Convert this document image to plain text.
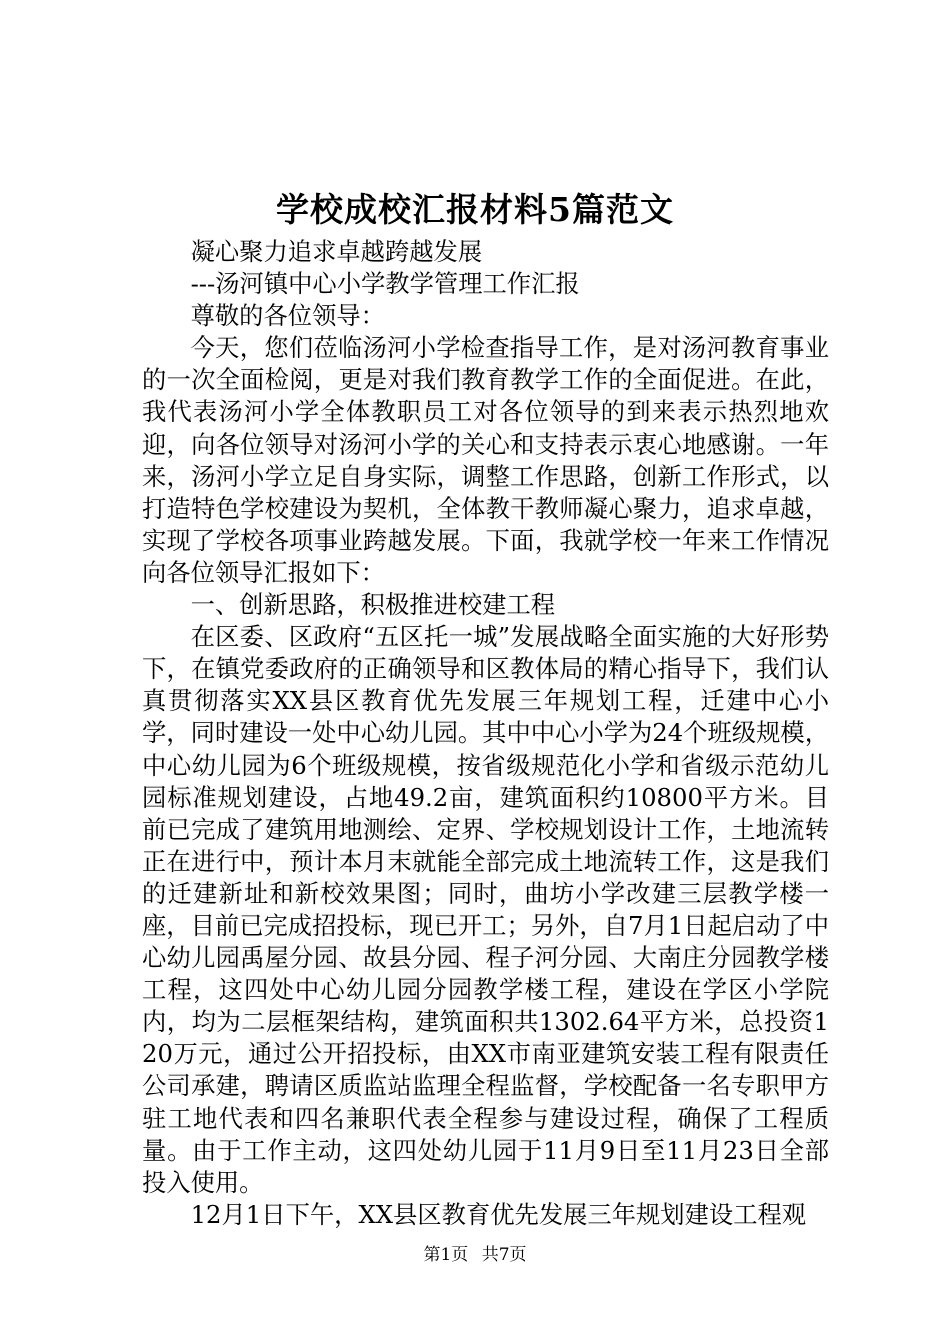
学校成校汇报材料5篇范文

凝心聚力追求卓越跨越发展

---汤河镇中心小学教学管理工作汇报

尊敬的各位领导：

今天，您们莅临汤河小学检查指导工作，是对汤河教育事业的一次全面检阅，更是对我们教育教学工作的全面促进。在此，我代表汤河小学全体教职员工对各位领导的到来表示热烈地欢迎，向各位领导对汤河小学的关心和支持表示衷心地感谢。一年来，汤河小学立足自身实际，调整工作思路，创新工作形式，以打造特色学校建设为契机，全体教干教师凝心聚力，追求卓越，实现了学校各项事业跨越发展。下面，我就学校一年来工作情况向各位领导汇报如下：

一、创新思路，积极推进校建工程

在区委、区政府“五区托一城”发展战略全面实施的大好形势下，在镇党委政府的正确领导和区教体局的精心指导下，我们认真贯彻落实XX县区教育优先发展三年规划工程，迁建中心小学，同时建设一处中心幼儿园。其中中心小学为24个班级规模，中心幼儿园为6个班级规模，按省级规范化小学和省级示范幼儿园标准规划建设，占地49.2亩，建筑面积约10800平方米。目前已完成了建筑用地测绘、定界、学校规划设计工作，土地流转正在进行中，预计本月末就能全部完成土地流转工作，这是我们的迁建新址和新校效果图；同时，曲坊小学改建三层教学楼一座，目前已完成招投标，现已开工；另外，自7月1日起启动了中心幼儿园禹屋分园、故县分园、程子河分园、大南庄分园教学楼工程，这四处中心幼儿园分园教学楼工程，建设在学区小学院内，均为二层框架结构，建筑面积共1302.64平方米，总投资120万元，通过公开招投标，由XX市南亚建筑安装工程有限责任公司承建，聘请区质监站监理全程监督，学校配备一名专职甲方驻工地代表和四名兼职代表全程参与建设过程，确保了工程质量。由于工作主动，这四处幼儿园于11月9日至11月23日全部投入使用。

12月1日下午，XX县区教育优先发展三年规划建设工程观

第1页 共7页
